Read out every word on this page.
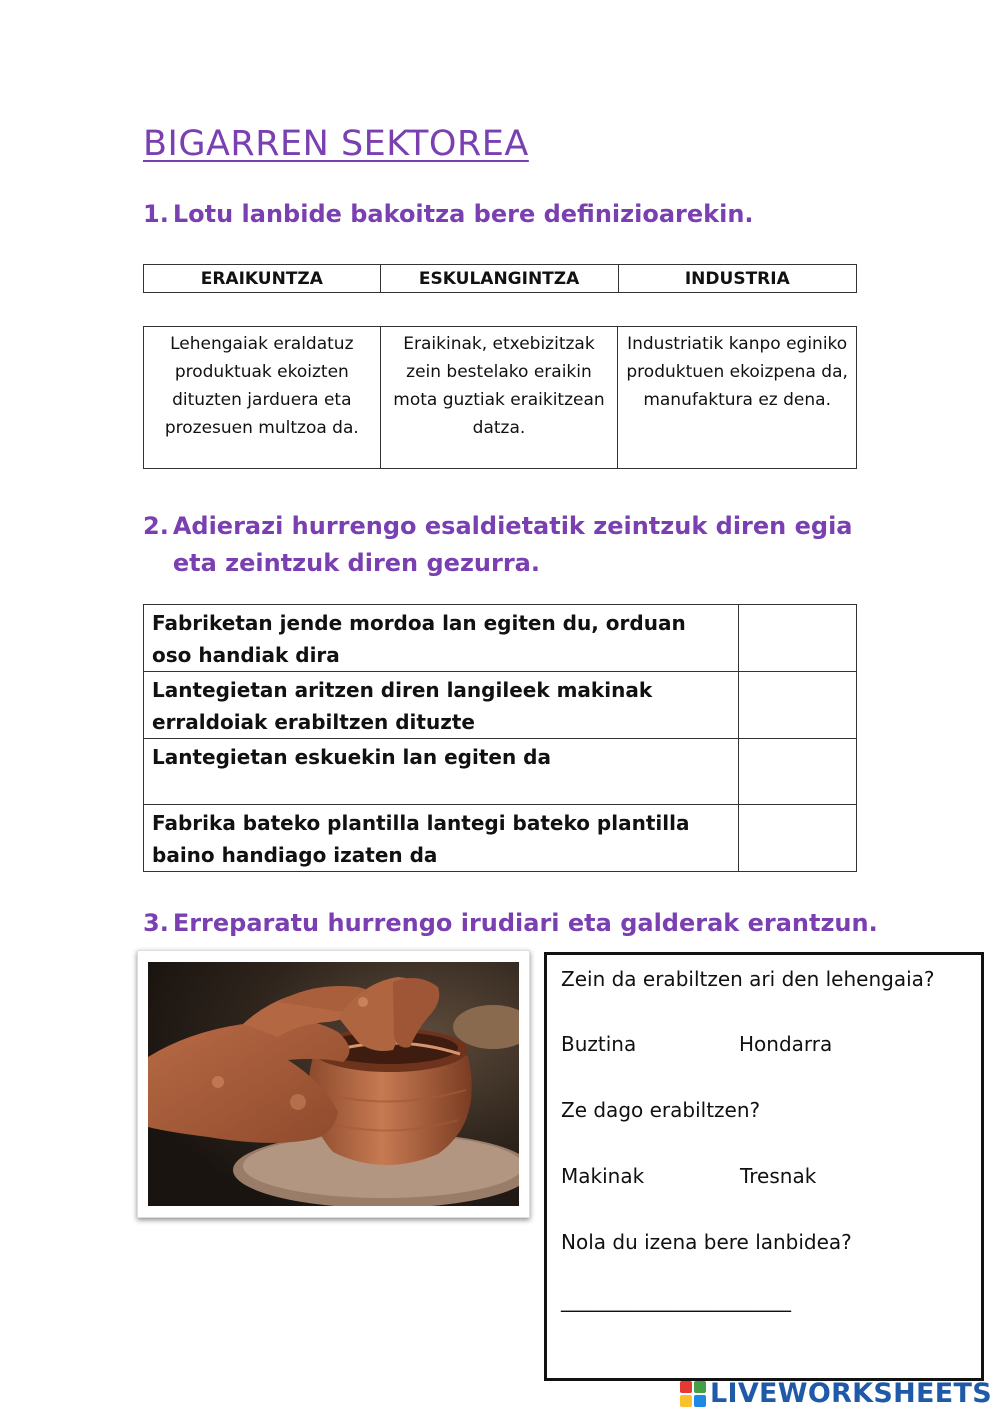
BIGARREN SEKTOREA
1. Lotu lanbide bakoitza bere definizioarekin.
ERAIKUNTZA	ESKULANGINTZA	INDUSTRIA
Lehengaiak eraldatuz produktuak ekoizten dituzten jarduera eta prozesuen multzoa da.	Eraikinak, etxebizitzak zein bestelako eraikin mota guztiak eraikitzean datza.	Industriatik kanpo eginiko produktuen ekoizpena da, manufaktura ez dena.
2. Adierazi hurrengo esaldietatik zeintzuk diren egia
eta zeintzuk diren gezurra.
Fabriketan jende mordoa lan egiten du, orduan oso handiak dira	
Lantegietan aritzen diren langileek makinak erraldoiak erabiltzen dituzte	
Lantegietan eskuekin lan egiten da	
Fabrika bateko plantilla lantegi bateko plantilla baino handiago izaten da	
3. Erreparatu hurrengo irudiari eta galderak erantzun.
Zein da erabiltzen ari den lehengaia?
Buztina	Hondarra
Ze dago erabiltzen?
Makinak	Tresnak
Nola du izena bere lanbidea?
_______________________
LIVEWORKSHEETS
